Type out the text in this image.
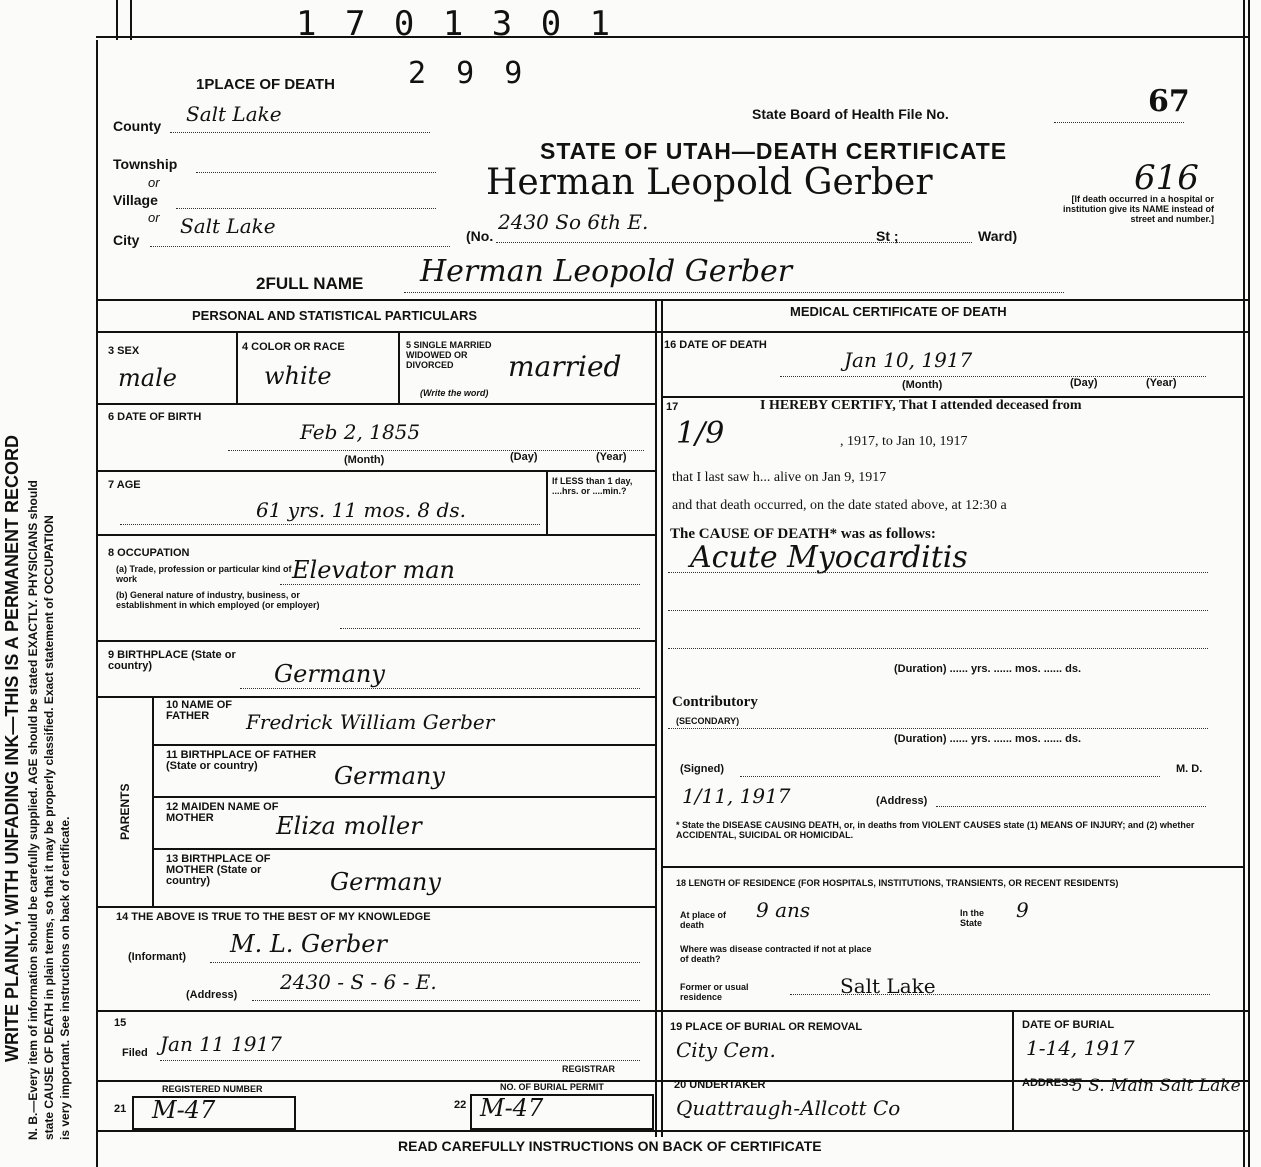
WRITE PLAINLY, WITH UNFADING INK—THIS IS A PERMANENT RECORD N. B.—Every item of information should be carefully supplied. AGE should be stated EXACTLY. PHYSICIANS should state CAUSE OF DEATH in plain terms, so that it may be properly classified. Exact statement of OCCUPATION is very important. See instructions on back of certificate.
1 7 0 1 3 0 1
2 9 9
1PLACE OF DEATH
County Salt Lake
Township
or
Village
or
City
Salt Lake
State Board of Health File No.	67
STATE OF UTAH—DEATH CERTIFICATE
Herman Leopold Gerber	616
(No.
2430 So 6th E.
St ;	Ward)
[If death occurred in a hospital or institution give its NAME instead of street and number.]
2FULL NAME Herman Leopold Gerber
PERSONAL AND STATISTICAL PARTICULARS	MEDICAL CERTIFICATE OF DEATH
3 SEX
male
4 COLOR OR RACE
white
5 SINGLE MARRIED WIDOWED OR DIVORCED
(Write the word)
married
6 DATE OF BIRTH
Feb 2, 1855
(Month)	(Day)	(Year)
7 AGE
61 yrs. 11 mos. 8 ds.
If LESS than 1 day, ....hrs. or ....min.?
8 OCCUPATION
(a) Trade, profession or particular kind of work	Elevator man
(b) General nature of industry, business, or establishment in which employed (or employer)
9 BIRTHPLACE (State or country)	Germany
PARENTS
10 NAME OF FATHER	Fredrick William Gerber
11 BIRTHPLACE OF FATHER (State or country)	Germany
12 MAIDEN NAME OF MOTHER	Eliza moller
13 BIRTHPLACE OF MOTHER (State or country)	Germany
14 THE ABOVE IS TRUE TO THE BEST OF MY KNOWLEDGE
(Informant) M. L. Gerber
(Address)
2430 - S - 6 - E.
15
Filed Jan 11 1917
REGISTRAR
REGISTERED NUMBER
21 M-47
NO. OF BURIAL PERMIT
22 M-47
16 DATE OF DEATH
Jan 10, 1917
(Month)	(Day)	(Year)
17	I HEREBY CERTIFY, That I attended deceased from
1/9	, 1917, to Jan 10, 1917
that I last saw h... alive on Jan 9, 1917
and that death occurred, on the date stated above, at 12:30 a
The CAUSE OF DEATH* was as follows:
Acute Myocarditis
(Duration) ...... yrs. ...... mos. ...... ds.
Contributory
(SECONDARY)
(Duration) ...... yrs. ...... mos. ...... ds.
(Signed)	M. D.
1/11, 1917	(Address)
* State the DISEASE CAUSING DEATH, or, in deaths from VIOLENT CAUSES state (1) MEANS OF INJURY; and (2) whether ACCIDENTAL, SUICIDAL OR HOMICIDAL.
18 LENGTH OF RESIDENCE (FOR HOSPITALS, INSTITUTIONS, TRANSIENTS, OR RECENT RESIDENTS)
At place of death
9 ans	In the State
9
Where was disease contracted if not at place of death?
Former or usual residence	Salt Lake
19 PLACE OF BURIAL OR REMOVAL
City Cem.
DATE OF BURIAL
1-14, 1917
20 UNDERTAKER
Quattraugh-Allcott Co
ADDRESS
5 S. Main Salt Lake
READ CAREFULLY INSTRUCTIONS ON BACK OF CERTIFICATE
